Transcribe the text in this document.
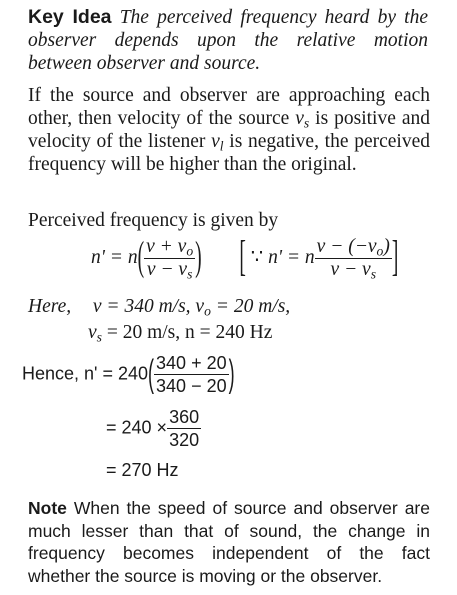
Key Idea The perceived frequency heard by the observer depends upon the relative motion between observer and source.

If the source and observer are approaching each other, then velocity of the source $v_s$ is positive and velocity of the listener $v_l$ is negative, the perceived frequency will be higher than the original.

Perceived frequency is given by
$n' = n( \frac{v + v_o}{v - v_s}$ ) [ ∵ n' = n $\frac{v - (-v_o)}{v - v_s}$ ]
Here, v = 340 m/s, $v_o = 20$ m/s,
$v_s = 20$ m/s, n = 240 Hz
Hence, $n' = 240( \frac{340 + 20}{340 - 20}$ )
= $240 \times \frac{360}{320}$
= 270 Hz

Note When the speed of source and observer are much lesser than that of sound, the change in frequency becomes independent of the fact whether the source is moving or the observer.
